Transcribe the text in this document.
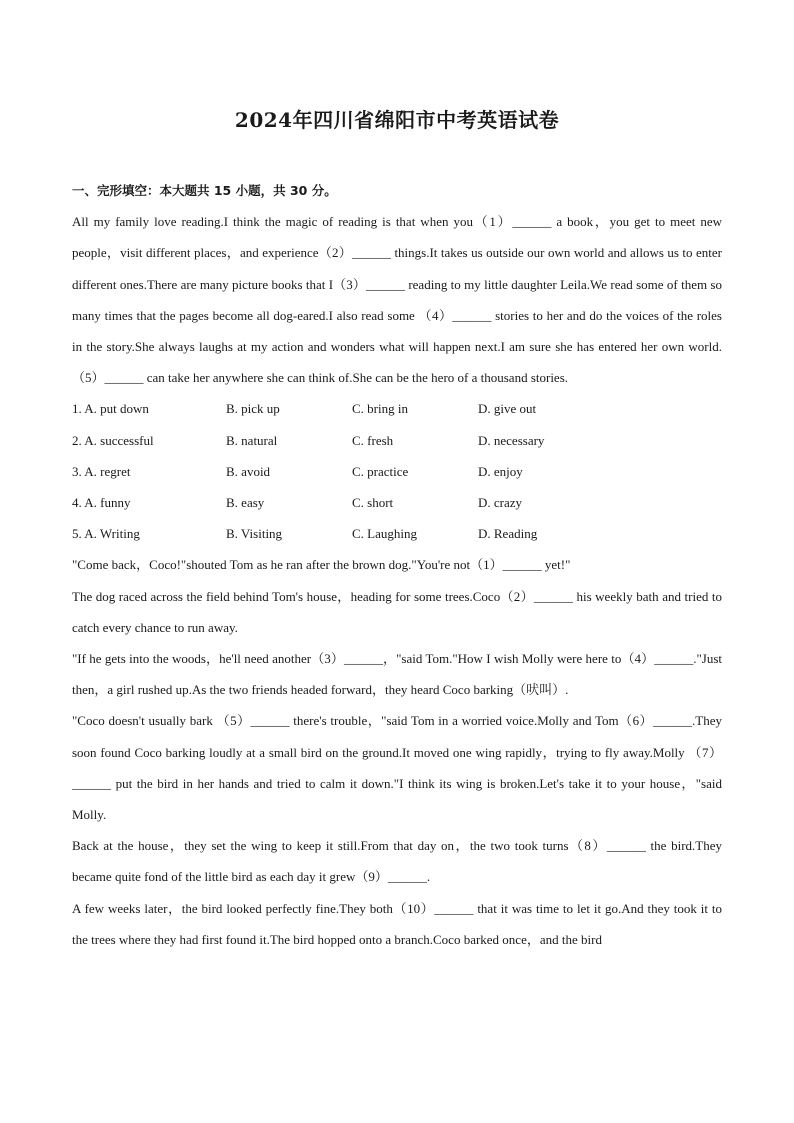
2024年四川省绵阳市中考英语试卷
一、完形填空：本大题共 15 小题，共 30 分。
All my family love reading.I think the magic of reading is that when you（1）______ a book，you get to meet new people，visit different places，and experience（2）______ things.It takes us outside our own world and allows us to enter different ones.There are many picture books that I（3）______ reading to my little daughter Leila.We read some of them so many times that the pages become all dog-eared.I also read some （4）______ stories to her and do the voices of the roles in the story.She always laughs at my action and wonders what will happen next.I am sure she has entered her own world.（5）______ can take her anywhere she can think of.She can be the hero of a thousand stories.
1. A. put down	B. pick up	C. bring in	D. give out
2. A. successful	B. natural	C. fresh	D. necessary
3. A. regret	B. avoid	C. practice	D. enjoy
4. A. funny	B. easy	C. short	D. crazy
5. A. Writing	B. Visiting	C. Laughing	D. Reading
"Come back，Coco!"shouted Tom as he ran after the brown dog."You're not（1）______ yet!"
The dog raced across the field behind Tom's house，heading for some trees.Coco（2）______ his weekly bath and tried to catch every chance to run away.
"If he gets into the woods，he'll need another（3）______，"said Tom."How I wish Molly were here to（4）______."Just then，a girl rushed up.As the two friends headed forward，they heard Coco barking（吠叫）.
"Coco doesn't usually bark （5）______ there's trouble，"said Tom in a worried voice.Molly and Tom（6）______.They soon found Coco barking loudly at a small bird on the ground.It moved one wing rapidly，trying to fly away.Molly （7）______ put the bird in her hands and tried to calm it down."I think its wing is broken.Let's take it to your house，"said Molly.
Back at the house，they set the wing to keep it still.From that day on，the two took turns（8）______ the bird.They became quite fond of the little bird as each day it grew（9）______.
A few weeks later，the bird looked perfectly fine.They both（10）______ that it was time to let it go.And they took it to the trees where they had first found it.The bird hopped onto a branch.Coco barked once，and the bird
